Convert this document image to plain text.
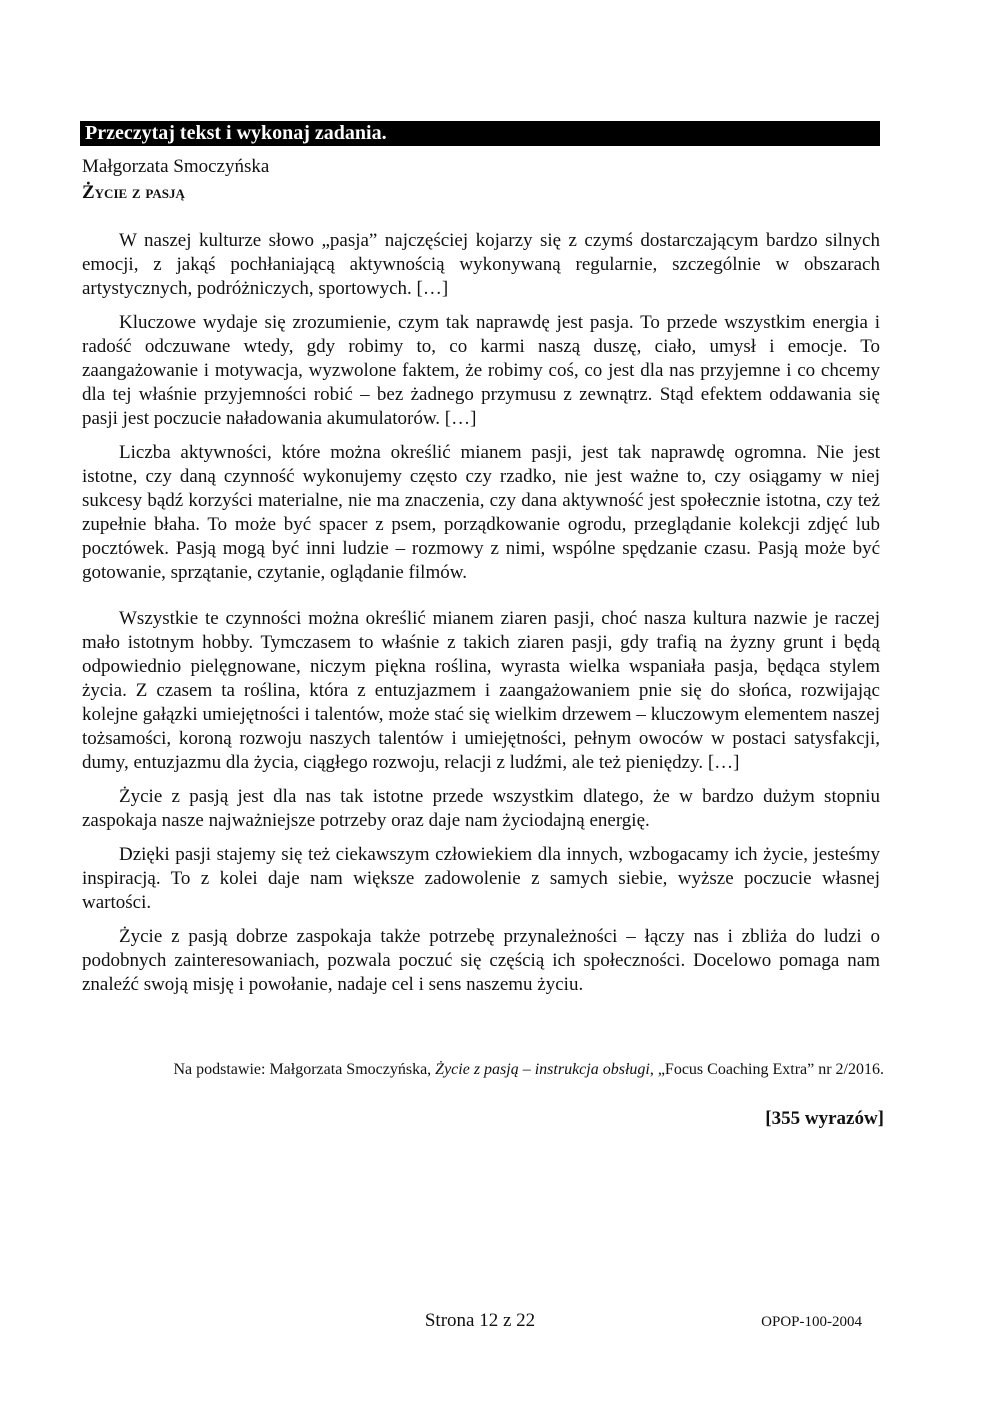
Przeczytaj tekst i wykonaj zadania.
Małgorzata Smoczyńska
Życie z pasją

W naszej kulturze słowo „pasja” najczęściej kojarzy się z czymś dostarczającym bardzo silnych emocji, z jakąś pochłaniającą aktywnością wykonywaną regularnie, szczególnie w obszarach artystycznych, podróżniczych, sportowych. […]

Kluczowe wydaje się zrozumienie, czym tak naprawdę jest pasja. To przede wszystkim energia i radość odczuwane wtedy, gdy robimy to, co karmi naszą duszę, ciało, umysł i emocje. To zaangażowanie i motywacja, wyzwolone faktem, że robimy coś, co jest dla nas przyjemne i co chcemy dla tej właśnie przyjemności robić – bez żadnego przymusu z zewnątrz. Stąd efektem oddawania się pasji jest poczucie naładowania akumulatorów. […]

Liczba aktywności, które można określić mianem pasji, jest tak naprawdę ogromna. Nie jest istotne, czy daną czynność wykonujemy często czy rzadko, nie jest ważne to, czy osiągamy w niej sukcesy bądź korzyści materialne, nie ma znaczenia, czy dana aktywność jest społecznie istotna, czy też zupełnie błaha. To może być spacer z psem, porządkowanie ogrodu, przeglądanie kolekcji zdjęć lub pocztówek. Pasją mogą być inni ludzie – rozmowy z nimi, wspólne spędzanie czasu. Pasją może być gotowanie, sprzątanie, czytanie, oglądanie filmów.

Wszystkie te czynności można określić mianem ziaren pasji, choć nasza kultura nazwie je raczej mało istotnym hobby. Tymczasem to właśnie z takich ziaren pasji, gdy trafią na żyzny grunt i będą odpowiednio pielęgnowane, niczym piękna roślina, wyrasta wielka wspaniała pasja, będąca stylem życia. Z czasem ta roślina, która z entuzjazmem i zaangażowaniem pnie się do słońca, rozwijając kolejne gałązki umiejętności i talentów, może stać się wielkim drzewem – kluczowym elementem naszej tożsamości, koroną rozwoju naszych talentów i umiejętności, pełnym owoców w postaci satysfakcji, dumy, entuzjazmu dla życia, ciągłego rozwoju, relacji z ludźmi, ale też pieniędzy. […]

Życie z pasją jest dla nas tak istotne przede wszystkim dlatego, że w bardzo dużym stopniu zaspokaja nasze najważniejsze potrzeby oraz daje nam życiodajną energię.

Dzięki pasji stajemy się też ciekawszym człowiekiem dla innych, wzbogacamy ich życie, jesteśmy inspiracją. To z kolei daje nam większe zadowolenie z samych siebie, wyższe poczucie własnej wartości.

Życie z pasją dobrze zaspokaja także potrzebę przynależności – łączy nas i zbliża do ludzi o podobnych zainteresowaniach, pozwala poczuć się częścią ich społeczności. Docelowo pomaga nam znaleźć swoją misję i powołanie, nadaje cel i sens naszemu życiu.

Na podstawie: Małgorzata Smoczyńska, Życie z pasją – instrukcja obsługi, „Focus Coaching Extra” nr 2/2016.
[355 wyrazów]
Strona 12 z 22	OPOP-100-2004
